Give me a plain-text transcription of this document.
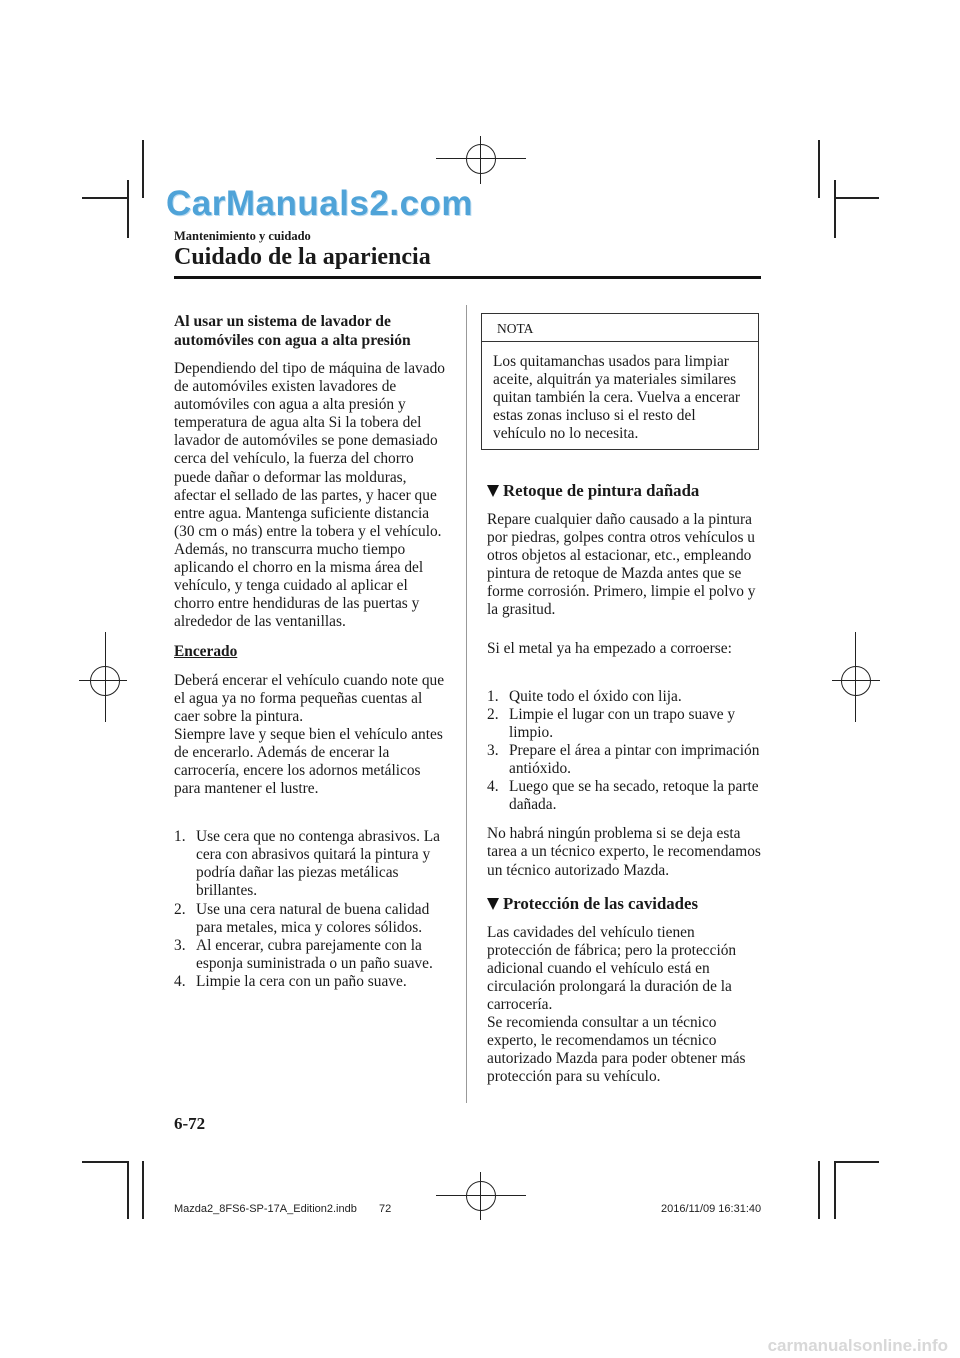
CarManuals2.com
Mantenimiento y cuidado
Cuidado de la apariencia

Al usar un sistema de lavador de automóviles con agua a alta presión

Dependiendo del tipo de máquina de lavado de automóviles existen lavadores de automóviles con agua a alta presión y temperatura de agua alta Si la tobera del lavador de automóviles se pone demasiado cerca del vehículo, la fuerza del chorro puede dañar o deformar las molduras, afectar el sellado de las partes, y hacer que entre agua. Mantenga suficiente distancia (30 cm o más) entre la tobera y el vehículo. Además, no transcurra mucho tiempo aplicando el chorro en la misma área del vehículo, y tenga cuidado al aplicar el chorro entre hendiduras de las puertas y alrededor de las ventanillas.

Encerado

Deberá encerar el vehículo cuando note que el agua ya no forma pequeñas cuentas al caer sobre la pintura.

Siempre lave y seque bien el vehículo antes de encerarlo. Además de encerar la carrocería, encere los adornos metálicos para mantener el lustre.

1. Use cera que no contenga abrasivos. La cera con abrasivos quitará la pintura y podría dañar las piezas metálicas brillantes.
2. Use una cera natural de buena calidad para metales, mica y colores sólidos.
3. Al encerar, cubra parejamente con la esponja suministrada o un paño suave.
4. Limpie la cera con un paño suave.
NOTA
Los quitamanchas usados para limpiar aceite, alquitrán ya materiales similares quitan también la cera. Vuelva a encerar estas zonas incluso si el resto del vehículo no lo necesita.
Retoque de pintura dañada

Repare cualquier daño causado a la pintura por piedras, golpes contra otros vehículos u otros objetos al estacionar, etc., empleando pintura de retoque de Mazda antes que se forme corrosión. Primero, limpie el polvo y la grasitud.

Si el metal ya ha empezado a corroerse:

1. Quite todo el óxido con lija.
2. Limpie el lugar con un trapo suave y limpio.
3. Prepare el área a pintar con imprimación antióxido.
4. Luego que se ha secado, retoque la parte dañada.

No habrá ningún problema si se deja esta tarea a un técnico experto, le recomendamos un técnico autorizado Mazda.

Protección de las cavidades

Las cavidades del vehículo tienen protección de fábrica; pero la protección adicional cuando el vehículo está en circulación prolongará la duración de la carrocería.

Se recomienda consultar a un técnico experto, le recomendamos un técnico autorizado Mazda para poder obtener más protección para su vehículo.

6-72
Mazda2_8FS6-SP-17A_Edition2.indb 72	2016/11/09 16:31:40
carmanualsonline.info
